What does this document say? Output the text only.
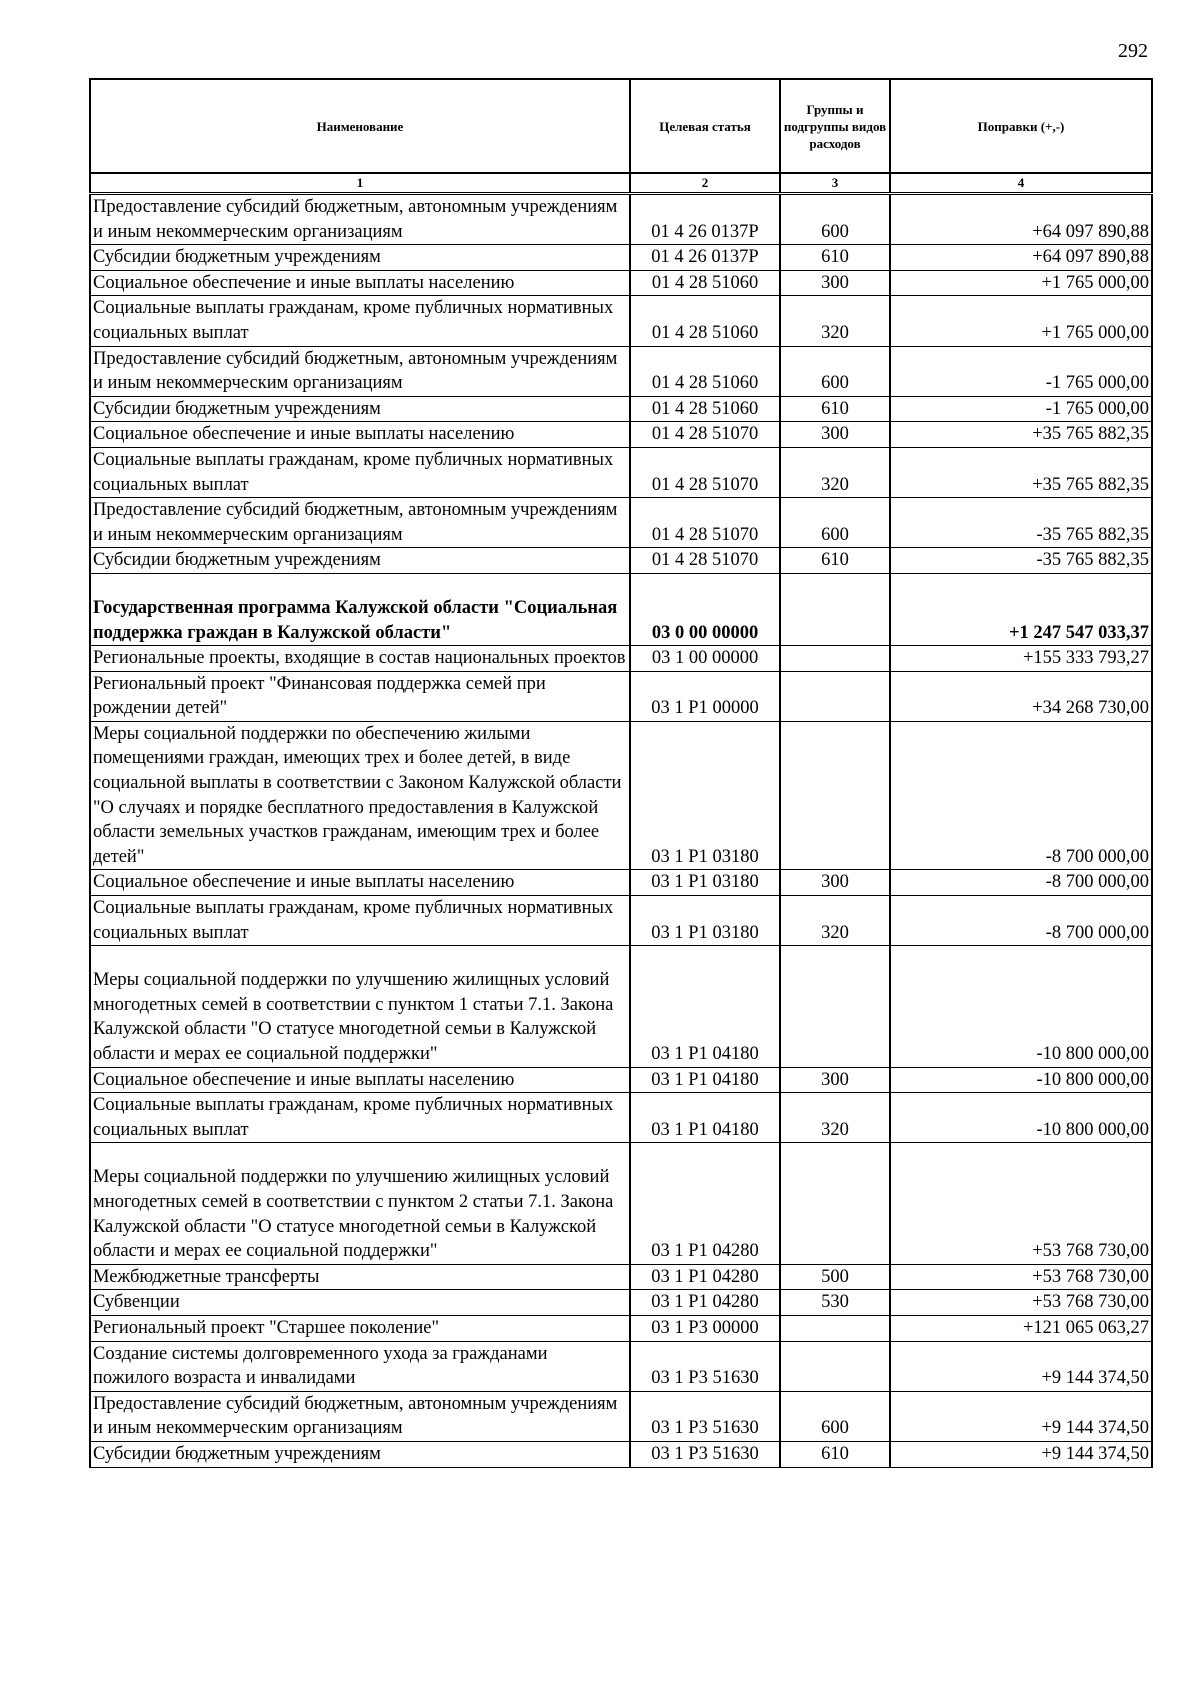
292
Наименование	Целевая статья	Группы и подгруппы видов расходов	Поправки (+,-)
1	2	3	4
Предоставление субсидий бюджетным, автономным учреждениям и иным некоммерческим организациям	01 4 26 0137Р	600	+64 097 890,88
Субсидии бюджетным учреждениям	01 4 26 0137Р	610	+64 097 890,88
Социальное обеспечение и иные выплаты населению	01 4 28 51060	300	+1 765 000,00
Социальные выплаты гражданам, кроме публичных нормативных социальных выплат	01 4 28 51060	320	+1 765 000,00
Предоставление субсидий бюджетным, автономным учреждениям и иным некоммерческим организациям	01 4 28 51060	600	-1 765 000,00
Субсидии бюджетным учреждениям	01 4 28 51060	610	-1 765 000,00
Социальное обеспечение и иные выплаты населению	01 4 28 51070	300	+35 765 882,35
Социальные выплаты гражданам, кроме публичных нормативных социальных выплат	01 4 28 51070	320	+35 765 882,35
Предоставление субсидий бюджетным, автономным учреждениям и иным некоммерческим организациям	01 4 28 51070	600	-35 765 882,35
Субсидии бюджетным учреждениям	01 4 28 51070	610	-35 765 882,35
Государственная программа Калужской области "Социальная поддержка граждан в Калужской области"	03 0 00 00000		+1 247 547 033,37
Региональные проекты, входящие в состав национальных проектов	03 1 00 00000		+155 333 793,27
Региональный проект "Финансовая поддержка семей при рождении детей"	03 1 Р1 00000		+34 268 730,00
Меры социальной поддержки по обеспечению жилыми помещениями граждан, имеющих трех и более детей, в виде социальной выплаты в соответствии с Законом Калужской области "О случаях и порядке бесплатного предоставления в Калужской области земельных участков гражданам, имеющим трех и более детей"	03 1 Р1 03180		-8 700 000,00
Социальное обеспечение и иные выплаты населению	03 1 Р1 03180	300	-8 700 000,00
Социальные выплаты гражданам, кроме публичных нормативных социальных выплат	03 1 Р1 03180	320	-8 700 000,00
Меры социальной поддержки по улучшению жилищных условий многодетных семей в соответствии с пунктом 1 статьи 7.1. Закона Калужской области "О статусе многодетной семьи в Калужской области и мерах ее социальной поддержки"	03 1 Р1 04180		-10 800 000,00
Социальное обеспечение и иные выплаты населению	03 1 Р1 04180	300	-10 800 000,00
Социальные выплаты гражданам, кроме публичных нормативных социальных выплат	03 1 Р1 04180	320	-10 800 000,00
Меры социальной поддержки по улучшению жилищных условий многодетных семей в соответствии с пунктом 2 статьи 7.1. Закона Калужской области "О статусе многодетной семьи в Калужской области и мерах ее социальной поддержки"	03 1 Р1 04280		+53 768 730,00
Межбюджетные трансферты	03 1 Р1 04280	500	+53 768 730,00
Субвенции	03 1 Р1 04280	530	+53 768 730,00
Региональный проект "Старшее поколение"	03 1 Р3 00000		+121 065 063,27
Создание системы долговременного ухода за гражданами пожилого возраста и инвалидами	03 1 Р3 51630		+9 144 374,50
Предоставление субсидий бюджетным, автономным учреждениям и иным некоммерческим организациям	03 1 Р3 51630	600	+9 144 374,50
Субсидии бюджетным учреждениям	03 1 Р3 51630	610	+9 144 374,50
